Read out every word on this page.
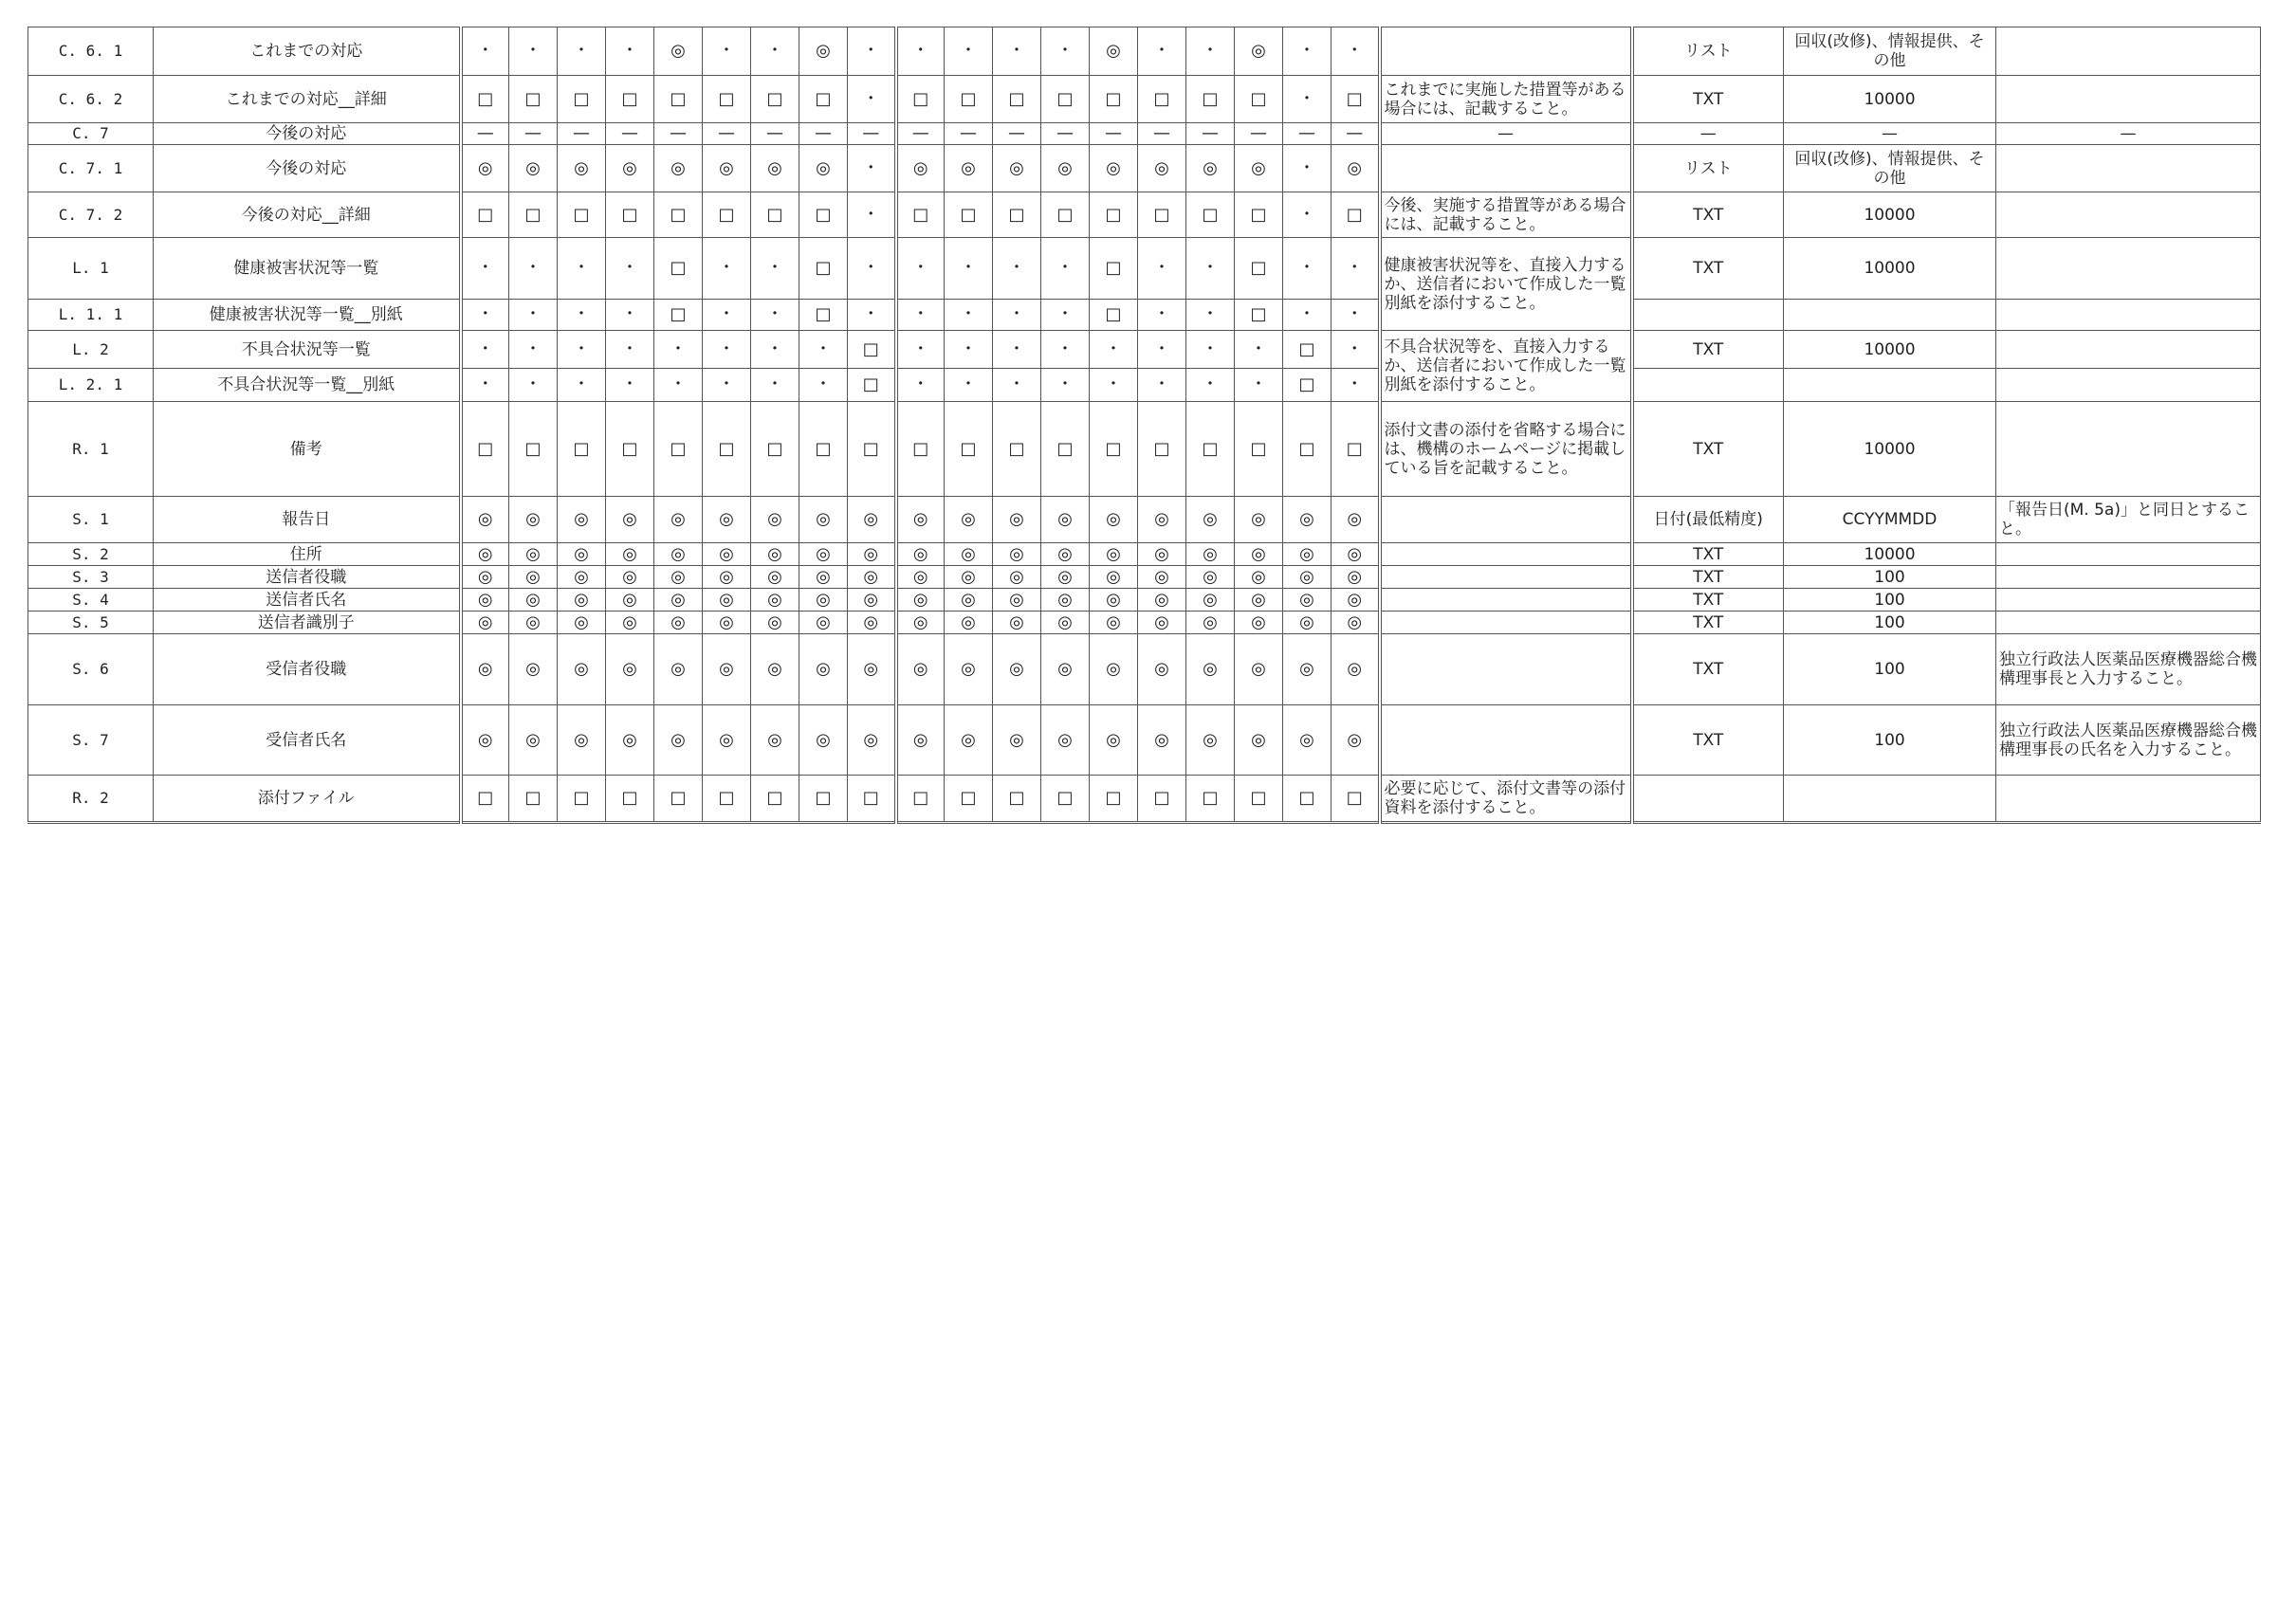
C. 6. 1	これまでの対応	・	・	・	・	◎	・	・	◎	・	・	・	・	・	◎	・	・	◎	・	・		リスト	回収(改修)、情報提供、その他	
C. 6. 2	これまでの対応__詳細	□	□	□	□	□	□	□	□	・	□	□	□	□	□	□	□	□	・	□	これまでに実施した措置等がある場合には、記載すること。	TXT	10000	
C. 7	今後の対応	—	—	—	—	—	—	—	—	—	—	—	—	—	—	—	—	—	—	—	—	—	—	—
C. 7. 1	今後の対応	◎	◎	◎	◎	◎	◎	◎	◎	・	◎	◎	◎	◎	◎	◎	◎	◎	・	◎		リスト	回収(改修)、情報提供、その他	
C. 7. 2	今後の対応__詳細	□	□	□	□	□	□	□	□	・	□	□	□	□	□	□	□	□	・	□	今後、実施する措置等がある場合には、記載すること。	TXT	10000	
L. 1	健康被害状況等一覧	・	・	・	・	□	・	・	□	・	・	・	・	・	□	・	・	□	・	・	健康被害状況等を、直接入力するか、送信者において作成した一覧別紙を添付すること。	TXT	10000	
L. 1. 1	健康被害状況等一覧__別紙	・	・	・	・	□	・	・	□	・	・	・	・	・	□	・	・	□	・	・				
L. 2	不具合状況等一覧	・	・	・	・	・	・	・	・	□	・	・	・	・	・	・	・	・	□	・	不具合状況等を、直接入力するか、送信者において作成した一覧別紙を添付すること。	TXT	10000	
L. 2. 1	不具合状況等一覧__別紙	・	・	・	・	・	・	・	・	□	・	・	・	・	・	・	・	・	□	・				
R. 1	備考	□	□	□	□	□	□	□	□	□	□	□	□	□	□	□	□	□	□	□	添付文書の添付を省略する場合には、機構のホームページに掲載している旨を記載すること。	TXT	10000	
S. 1	報告日	◎	◎	◎	◎	◎	◎	◎	◎	◎	◎	◎	◎	◎	◎	◎	◎	◎	◎	◎		日付(最低精度)	CCYYMMDD	「報告日(M. 5a)」と同日とすること。
S. 2	住所	◎	◎	◎	◎	◎	◎	◎	◎	◎	◎	◎	◎	◎	◎	◎	◎	◎	◎	◎		TXT	10000	
S. 3	送信者役職	◎	◎	◎	◎	◎	◎	◎	◎	◎	◎	◎	◎	◎	◎	◎	◎	◎	◎	◎		TXT	100	
S. 4	送信者氏名	◎	◎	◎	◎	◎	◎	◎	◎	◎	◎	◎	◎	◎	◎	◎	◎	◎	◎	◎		TXT	100	
S. 5	送信者識別子	◎	◎	◎	◎	◎	◎	◎	◎	◎	◎	◎	◎	◎	◎	◎	◎	◎	◎	◎		TXT	100	
S. 6	受信者役職	◎	◎	◎	◎	◎	◎	◎	◎	◎	◎	◎	◎	◎	◎	◎	◎	◎	◎	◎		TXT	100	独立行政法人医薬品医療機器総合機構理事長と入力すること。
S. 7	受信者氏名	◎	◎	◎	◎	◎	◎	◎	◎	◎	◎	◎	◎	◎	◎	◎	◎	◎	◎	◎		TXT	100	独立行政法人医薬品医療機器総合機構理事長の氏名を入力すること。
R. 2	添付ファイル	□	□	□	□	□	□	□	□	□	□	□	□	□	□	□	□	□	□	□	必要に応じて、添付文書等の添付資料を添付すること。			
